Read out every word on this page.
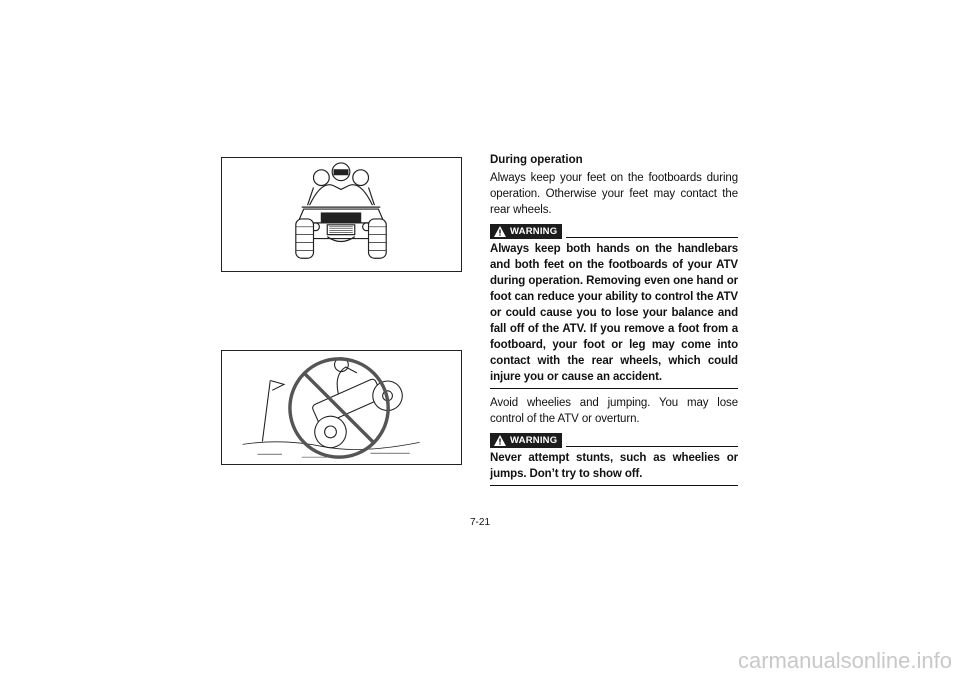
During operation
Always keep your feet on the footboards during operation. Otherwise your feet may contact the rear wheels.
WARNING
Always keep both hands on the handlebars and both feet on the footboards of your ATV during operation. Removing even one hand or foot can reduce your ability to control the ATV or could cause you to lose your balance and fall off of the ATV. If you remove a foot from a footboard, your foot or leg may come into contact with the rear wheels, which could injure you or cause an accident.
Avoid wheelies and jumping. You may lose control of the ATV or overturn.
WARNING
Never attempt stunts, such as wheelies or jumps. Don’t try to show off.
7-21
carmanualsonline.info
